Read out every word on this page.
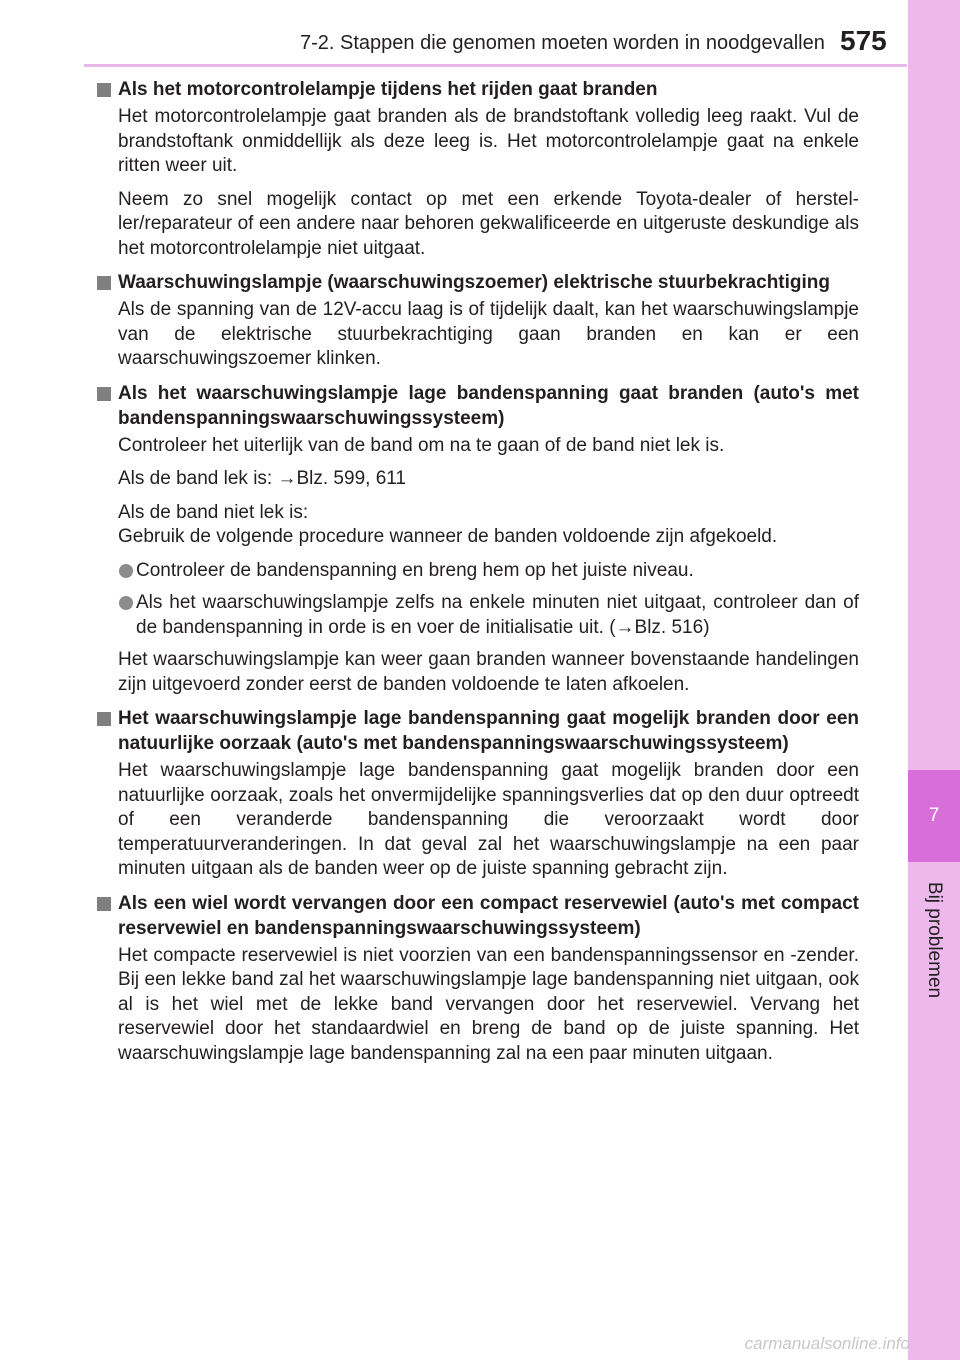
7-2. Stappen die genomen moeten worden in noodgevallen 575
7
Bij problemen
Als het motorcontrolelampje tijdens het rijden gaat branden

Het motorcontrolelampje gaat branden als de brandstoftank volledig leeg raakt. Vul de brandstoftank onmiddellijk als deze leeg is. Het motorcontrolelampje gaat na enkele ritten weer uit.

Neem zo snel mogelijk contact op met een erkende Toyota-dealer of hersteller/reparateur of een andere naar behoren gekwalificeerde en uitgeruste deskundige als het motorcontrolelampje niet uitgaat.

Waarschuwingslampje (waarschuwingszoemer) elektrische stuurbekrachtiging

Als de spanning van de 12V-accu laag is of tijdelijk daalt, kan het waarschuwingslampje van de elektrische stuurbekrachtiging gaan branden en kan er een waarschuwingszoemer klinken.

Als het waarschuwingslampje lage bandenspanning gaat branden (auto's met bandenspanningswaarschuwingssysteem)

Controleer het uiterlijk van de band om na te gaan of de band niet lek is.

Als de band lek is: →Blz. 599, 611

Als de band niet lek is:
Gebruik de volgende procedure wanneer de banden voldoende zijn afgekoeld.

Controleer de bandenspanning en breng hem op het juiste niveau.

Als het waarschuwingslampje zelfs na enkele minuten niet uitgaat, controleer dan of de bandenspanning in orde is en voer de initialisatie uit. (→Blz. 516)

Het waarschuwingslampje kan weer gaan branden wanneer bovenstaande handelingen zijn uitgevoerd zonder eerst de banden voldoende te laten afkoelen.

Het waarschuwingslampje lage bandenspanning gaat mogelijk branden door een natuurlijke oorzaak (auto's met bandenspanningswaarschuwingssysteem)

Het waarschuwingslampje lage bandenspanning gaat mogelijk branden door een natuurlijke oorzaak, zoals het onvermijdelijke spanningsverlies dat op den duur optreedt of een veranderde bandenspanning die veroorzaakt wordt door temperatuurveranderingen. In dat geval zal het waarschuwingslampje na een paar minuten uitgaan als de banden weer op de juiste spanning gebracht zijn.

Als een wiel wordt vervangen door een compact reservewiel (auto's met compact reservewiel en bandenspanningswaarschuwingssysteem)

Het compacte reservewiel is niet voorzien van een bandenspanningssensor en -zender. Bij een lekke band zal het waarschuwingslampje lage bandenspanning niet uitgaan, ook al is het wiel met de lekke band vervangen door het reservewiel. Vervang het reservewiel door het standaardwiel en breng de band op de juiste spanning. Het waarschuwingslampje lage bandenspanning zal na een paar minuten uitgaan.

carmanualsonline.info
